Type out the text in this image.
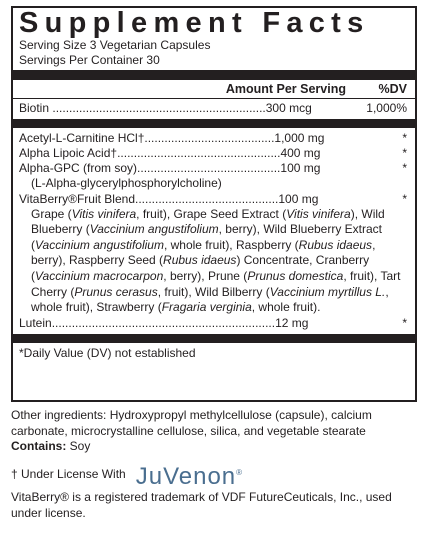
Supplement Facts
Serving Size 3 Vegetarian Capsules
Servings Per Container 30
Amount Per Serving	%DV
Biotin ................................................................300 mcg	1,000%
Acetyl-L-Carnitine HCl†.......................................1,000 mg	*
Alpha Lipoic Acid†.................................................400 mg	*
Alpha-GPC (from soy)...........................................100 mg	*
(L-Alpha-glycerylphosphorylcholine)
VitaBerry®Fruit Blend...........................................100 mg	*
Grape (Vitis vinifera, fruit), Grape Seed Extract (Vitis vinifera), Wild Blueberry (Vaccinium angustifolium, berry), Wild Blueberry Extract (Vaccinium angustifolium, whole fruit), Raspberry (Rubus idaeus, berry), Raspberry Seed (Rubus idaeus) Concentrate, Cranberry (Vaccinium macrocarpon, berry), Prune (Prunus domestica, fruit), Tart Cherry (Prunus cerasus, fruit), Wild Bilberry (Vaccinium myrtillus L., whole fruit), Strawberry (Fragaria verginia, whole fruit).
Lutein...................................................................12 mg	*
*Daily Value (DV) not established
Other ingredients: Hydroxypropyl methylcellulose (capsule), calcium carbonate, microcrystalline cellulose, silica, and vegetable stearate
Contains: Soy
† Under License With JuVenon®
VitaBerry® is a registered trademark of VDF FutureCeuticals, Inc., used under license.
